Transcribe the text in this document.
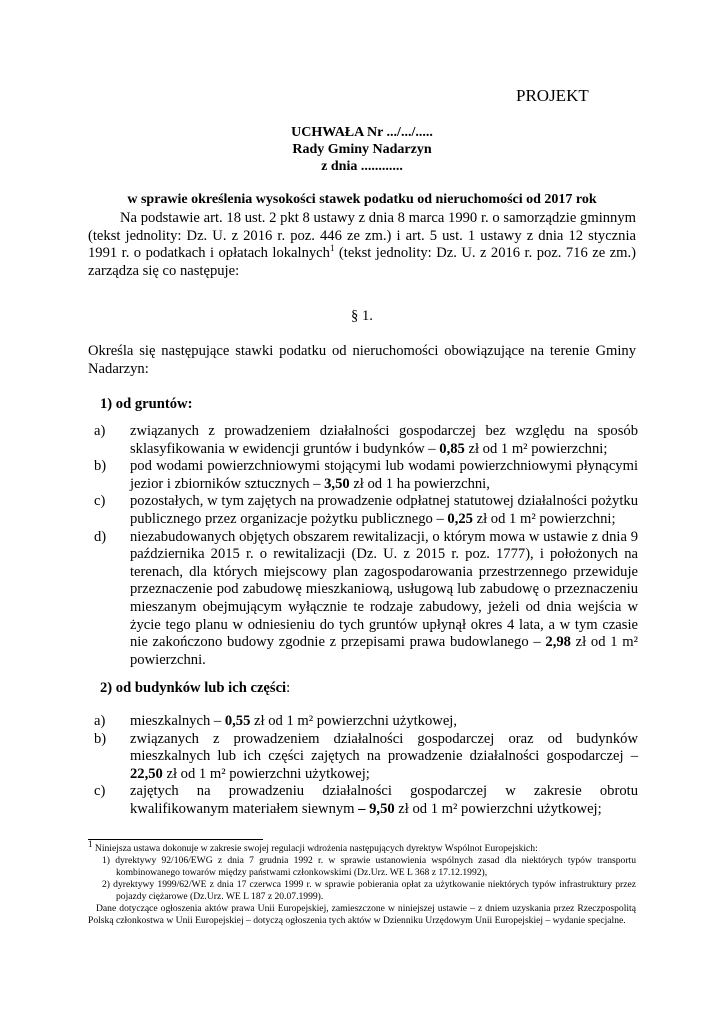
PROJEKT
UCHWAŁA Nr .../.../.....
Rady Gminy Nadarzyn
z dnia ............
w sprawie określenia wysokości stawek podatku od nieruchomości od 2017 rok
Na podstawie art. 18 ust. 2 pkt 8 ustawy z dnia 8 marca 1990 r. o samorządzie gminnym (tekst jednolity: Dz. U. z 2016 r. poz. 446 ze zm.) i art. 5 ust. 1 ustawy z dnia 12 stycznia 1991 r. o podatkach i opłatach lokalnych$^1$ (tekst jednolity: Dz. U. z 2016 r. poz. 716 ze zm.) zarządza się co następuje:
§ 1.
Określa się następujące stawki podatku od nieruchomości obowiązujące na terenie Gminy Nadarzyn:
1) od gruntów:
a) związanych z prowadzeniem działalności gospodarczej bez względu na sposób sklasyfikowania w ewidencji gruntów i budynków – 0,85 zł od 1 m² powierzchni;
b) pod wodami powierzchniowymi stojącymi lub wodami powierzchniowymi płynącymi jezior i zbiorników sztucznych – 3,50 zł od 1 ha powierzchni,
c) pozostałych, w tym zajętych na prowadzenie odpłatnej statutowej działalności pożytku publicznego przez organizacje pożytku publicznego – 0,25 zł od 1 m² powierzchni;
d) niezabudowanych objętych obszarem rewitalizacji, o którym mowa w ustawie z dnia 9 października 2015 r. o rewitalizacji (Dz. U. z 2015 r. poz. 1777), i położonych na terenach, dla których miejscowy plan zagospodarowania przestrzennego przewiduje przeznaczenie pod zabudowę mieszkaniową, usługową lub zabudowę o przeznaczeniu mieszanym obejmującym wyłącznie te rodzaje zabudowy, jeżeli od dnia wejścia w życie tego planu w odniesieniu do tych gruntów upłynął okres 4 lata, a w tym czasie nie zakończono budowy zgodnie z przepisami prawa budowlanego – 2,98 zł od 1 m² powierzchni.
2) od budynków lub ich części:
a) mieszkalnych – 0,55 zł od 1 m² powierzchni użytkowej,
b) związanych z prowadzeniem działalności gospodarczej oraz od budynków mieszkalnych lub ich części zajętych na prowadzenie działalności gospodarczej – 22,50 zł od 1 m² powierzchni użytkowej;
c) zajętych na prowadzeniu działalności gospodarczej w zakresie obrotu kwalifikowanym materiałem siewnym – 9,50 zł od 1 m² powierzchni użytkowej;
$^1$ Niniejsza ustawa dokonuje w zakresie swojej regulacji wdrożenia następujących dyrektyw Wspólnot Europejskich:
1) dyrektywy 92/106/EWG z dnia 7 grudnia 1992 r. w sprawie ustanowienia wspólnych zasad dla niektórych typów transportu kombinowanego towarów między państwami członkowskimi (Dz.Urz. WE L 368 z 17.12.1992),
2) dyrektywy 1999/62/WE z dnia 17 czerwca 1999 r. w sprawie pobierania opłat za użytkowanie niektórych typów infrastruktury przez pojazdy ciężarowe (Dz.Urz. WE L 187 z 20.07.1999).
Dane dotyczące ogłoszenia aktów prawa Unii Europejskiej, zamieszczone w niniejszej ustawie – z dniem uzyskania przez Rzeczpospolitą Polską członkostwa w Unii Europejskiej – dotyczą ogłoszenia tych aktów w Dzienniku Urzędowym Unii Europejskiej – wydanie specjalne.
